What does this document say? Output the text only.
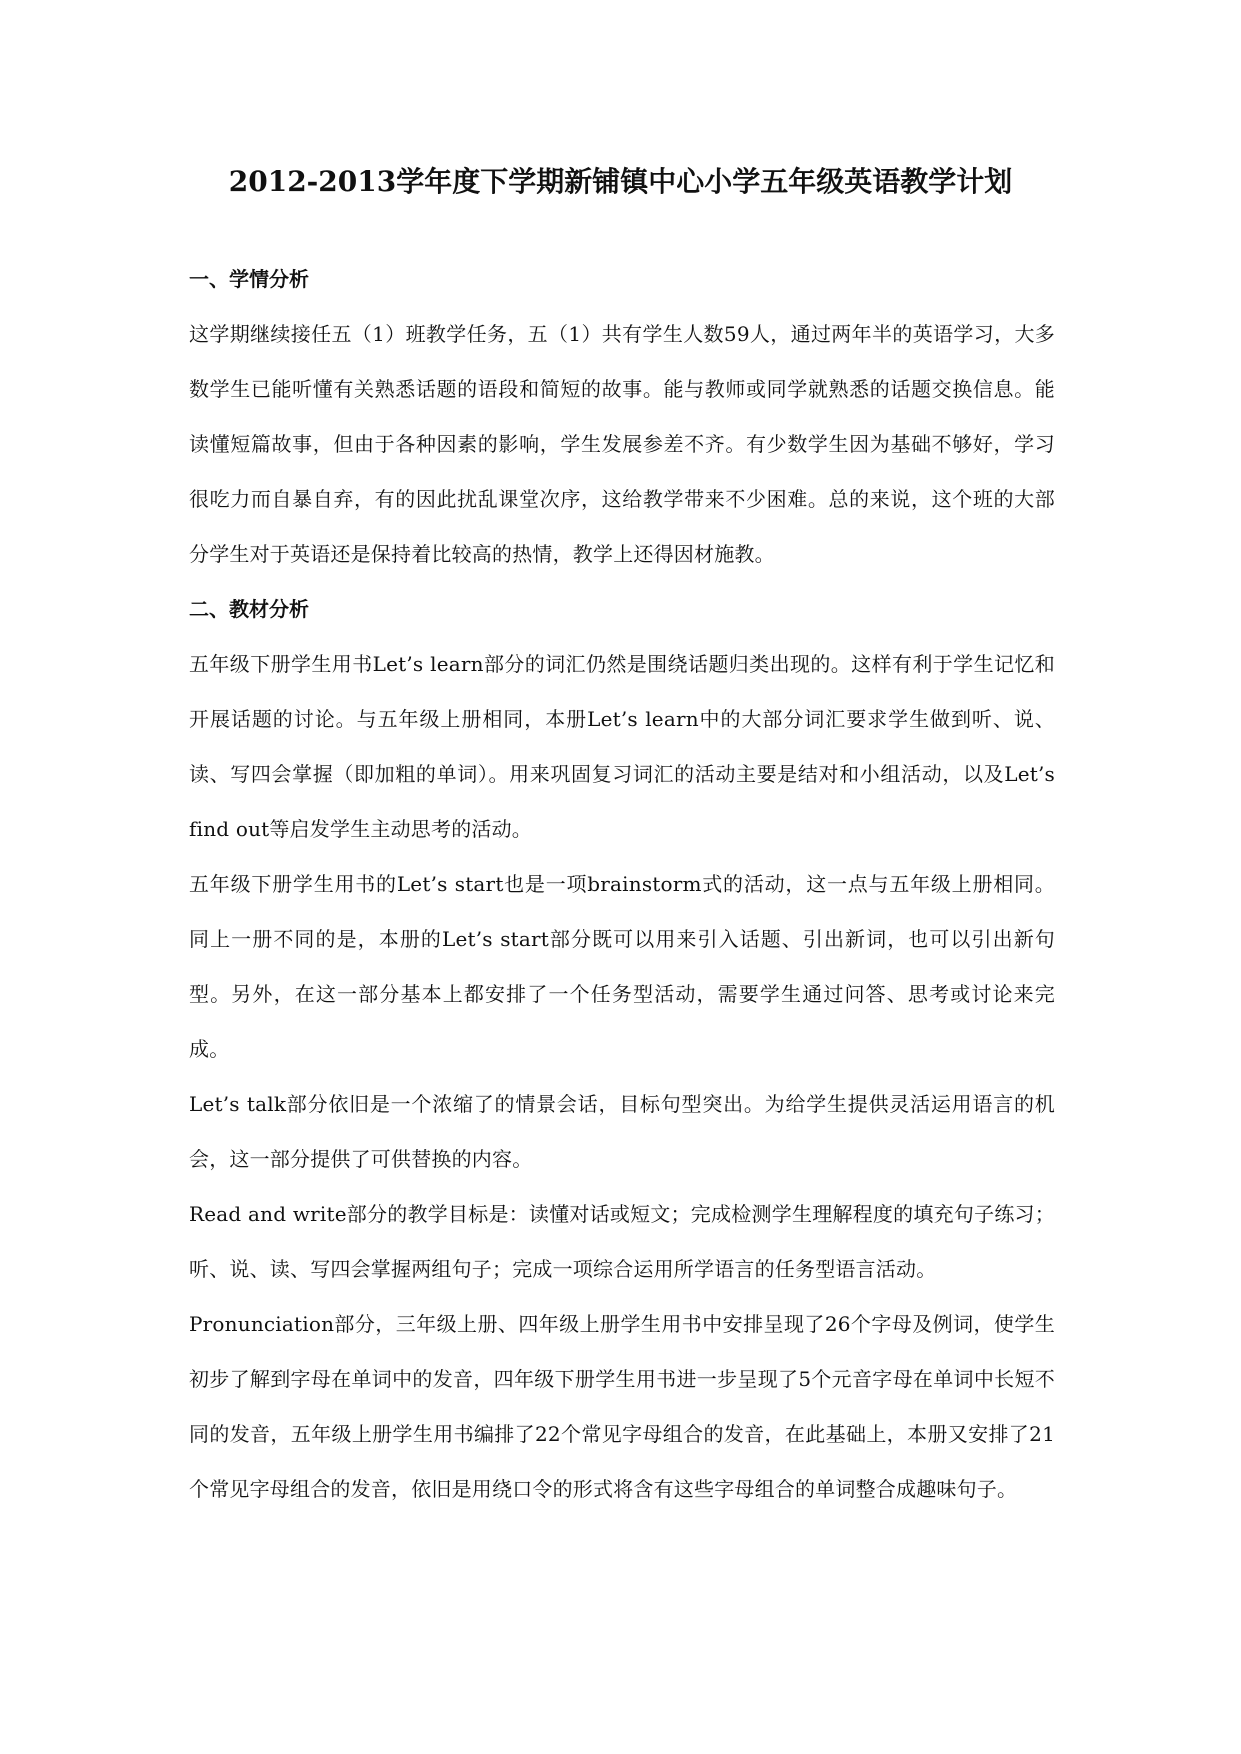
2012-2013学年度下学期新铺镇中心小学五年级英语教学计划

一、学情分析

这学期继续接任五（1）班教学任务，五（1）共有学生人数59人，通过两年半的英语学习，大多数学生已能听懂有关熟悉话题的语段和简短的故事。能与教师或同学就熟悉的话题交换信息。能读懂短篇故事，但由于各种因素的影响，学生发展参差不齐。有少数学生因为基础不够好，学习很吃力而自暴自弃，有的因此扰乱课堂次序，这给教学带来不少困难。总的来说，这个班的大部分学生对于英语还是保持着比较高的热情，教学上还得因材施教。

二、教材分析

五年级下册学生用书Let’s learn部分的词汇仍然是围绕话题归类出现的。这样有利于学生记忆和开展话题的讨论。与五年级上册相同，本册Let’s learn中的大部分词汇要求学生做到听、说、读、写四会掌握（即加粗的单词）。用来巩固复习词汇的活动主要是结对和小组活动，以及Let’s find out等启发学生主动思考的活动。

五年级下册学生用书的Let’s start也是一项brainstorm式的活动，这一点与五年级上册相同。同上一册不同的是，本册的Let’s start部分既可以用来引入话题、引出新词，也可以引出新句型。另外，在这一部分基本上都安排了一个任务型活动，需要学生通过问答、思考或讨论来完成。

Let’s talk部分依旧是一个浓缩了的情景会话，目标句型突出。为给学生提供灵活运用语言的机会，这一部分提供了可供替换的内容。

Read and write部分的教学目标是：读懂对话或短文；完成检测学生理解程度的填充句子练习；听、说、读、写四会掌握两组句子；完成一项综合运用所学语言的任务型语言活动。

Pronunciation部分，三年级上册、四年级上册学生用书中安排呈现了26个字母及例词，使学生初步了解到字母在单词中的发音，四年级下册学生用书进一步呈现了5个元音字母在单词中长短不同的发音，五年级上册学生用书编排了22个常见字母组合的发音，在此基础上，本册又安排了21个常见字母组合的发音，依旧是用绕口令的形式将含有这些字母组合的单词整合成趣味句子。
